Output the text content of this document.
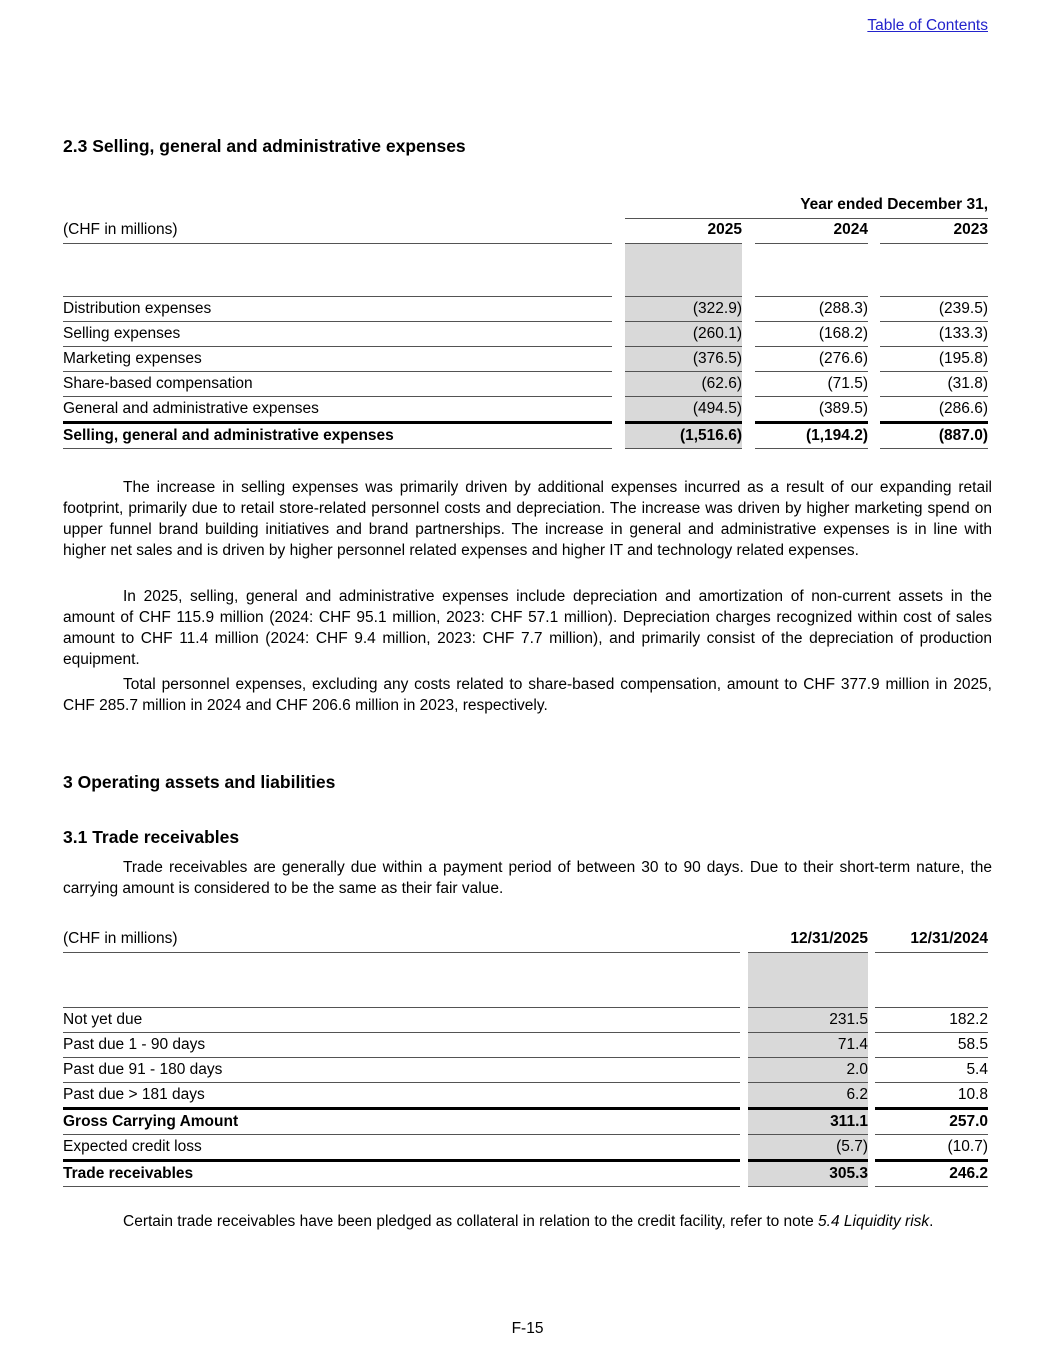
Table of Contents
2.3 Selling, general and administrative expenses
		Year ended December 31,				
(CHF in millions)		2025		2024		2023

Distribution expenses		(322.9)		(288.3)		(239.5)
Selling expenses		(260.1)		(168.2)		(133.3)
Marketing expenses		(376.5)		(276.6)		(195.8)
Share-based compensation		(62.6)		(71.5)		(31.8)
General and administrative expenses		(494.5)		(389.5)		(286.6)
Selling, general and administrative expenses		(1,516.6)		(1,194.2)		(887.0)

The increase in selling expenses was primarily driven by additional expenses incurred as a result of our expanding retail footprint, primarily due to retail store-related personnel costs and depreciation. The increase was driven by higher marketing spend on upper funnel brand building initiatives and brand partnerships. The increase in general and administrative expenses is in line with higher net sales and is driven by higher personnel related expenses and higher IT and technology related expenses.

In 2025, selling, general and administrative expenses include depreciation and amortization of non-current assets in the amount of CHF 115.9 million (2024: CHF 95.1 million, 2023: CHF 57.1 million). Depreciation charges recognized within cost of sales amount to CHF 11.4 million (2024: CHF 9.4 million, 2023: CHF 7.7 million), and primarily consist of the depreciation of production equipment.

Total personnel expenses, excluding any costs related to share-based compensation, amount to CHF 377.9 million in 2025, CHF 285.7 million in 2024 and CHF 206.6 million in 2023, respectively.

3 Operating assets and liabilities
3.1 Trade receivables

Trade receivables are generally due within a payment period of between 30 to 90 days. Due to their short-term nature, the carrying amount is considered to be the same as their fair value.

(CHF in millions)		12/31/2025		12/31/2024

Not yet due		231.5		182.2
Past due 1 - 90 days		71.4		58.5
Past due 91 - 180 days		2.0		5.4
Past due > 181 days		6.2		10.8
Gross Carrying Amount		311.1		257.0
Expected credit loss		(5.7)		(10.7)
Trade receivables		305.3		246.2

Certain trade receivables have been pledged as collateral in relation to the credit facility, refer to note 5.4 Liquidity risk.

F-15
